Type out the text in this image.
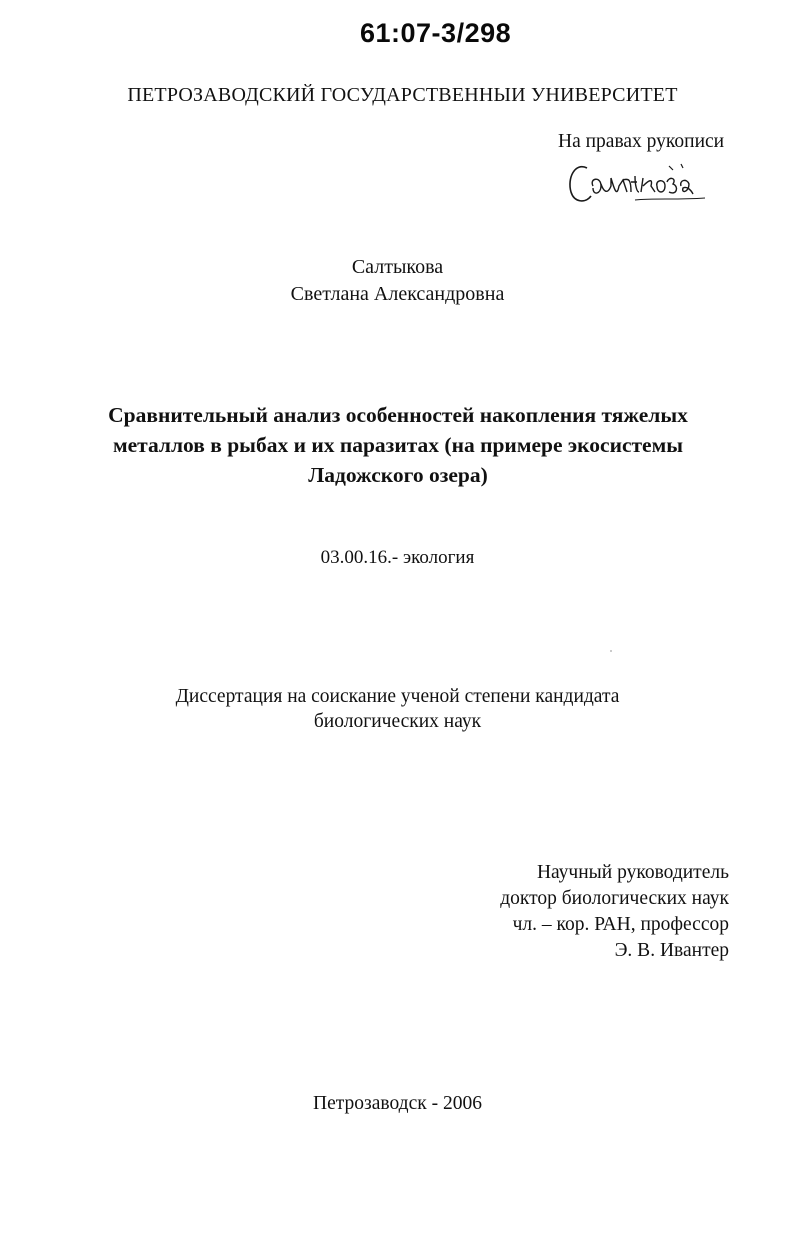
61:07-3/298
ПЕТРОЗАВОДСКИЙ ГОСУДАРСТВЕННЫИ УНИВЕРСИТЕТ
На правах рукописи
Салтыкова
Светлана Александровна
Сравнительный анализ особенностей накопления тяжелых
металлов в рыбах и их паразитах (на примере экосистемы
Ладожского озера)
03.00.16.- экология
Диссертация на соискание ученой степени кандидата
биологических наук
Научный руководитель
доктор биологических наук
чл. – кор. РАН, профессор
Э. В. Ивантер
Петрозаводск - 2006
